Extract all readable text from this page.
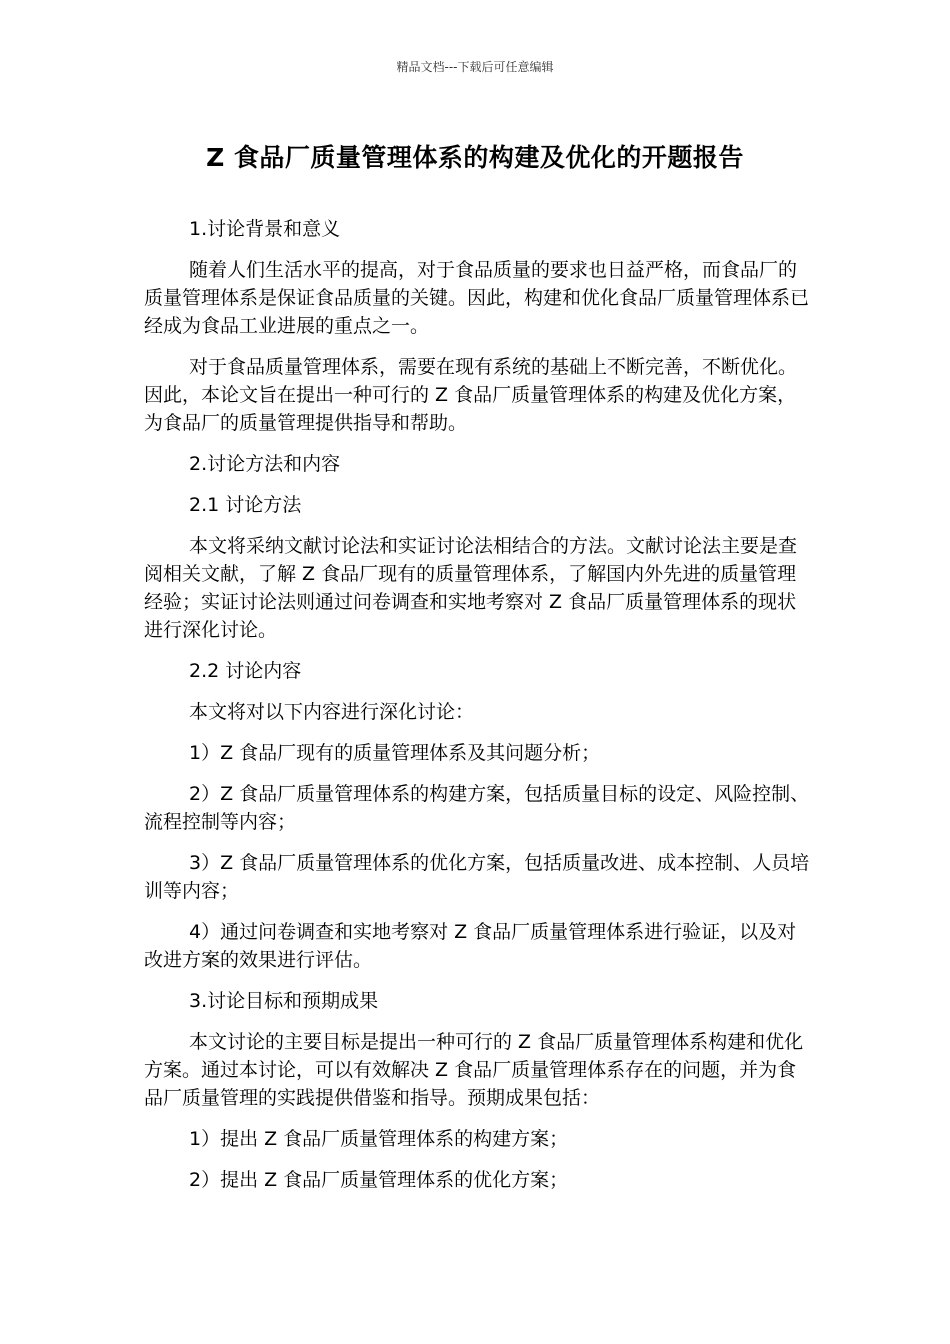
精品文档---下载后可任意编辑
Z 食品厂质量管理体系的构建及优化的开题报告

1.讨论背景和意义

随着人们生活水平的提高，对于食品质量的要求也日益严格，而食品厂的质量管理体系是保证食品质量的关键。因此，构建和优化食品厂质量管理体系已经成为食品工业进展的重点之一。

对于食品质量管理体系，需要在现有系统的基础上不断完善，不断优化。因此，本论文旨在提出一种可行的 Z 食品厂质量管理体系的构建及优化方案，为食品厂的质量管理提供指导和帮助。

2.讨论方法和内容

2.1 讨论方法

本文将采纳文献讨论法和实证讨论法相结合的方法。文献讨论法主要是查阅相关文献，了解 Z 食品厂现有的质量管理体系，了解国内外先进的质量管理经验；实证讨论法则通过问卷调查和实地考察对 Z 食品厂质量管理体系的现状进行深化讨论。

2.2 讨论内容

本文将对以下内容进行深化讨论：

1）Z 食品厂现有的质量管理体系及其问题分析；

2）Z 食品厂质量管理体系的构建方案，包括质量目标的设定、风险控制、流程控制等内容；

3）Z 食品厂质量管理体系的优化方案，包括质量改进、成本控制、人员培训等内容；

4）通过问卷调查和实地考察对 Z 食品厂质量管理体系进行验证，以及对改进方案的效果进行评估。

3.讨论目标和预期成果

本文讨论的主要目标是提出一种可行的 Z 食品厂质量管理体系构建和优化方案。通过本讨论，可以有效解决 Z 食品厂质量管理体系存在的问题，并为食品厂质量管理的实践提供借鉴和指导。预期成果包括：

1）提出 Z 食品厂质量管理体系的构建方案；

2）提出 Z 食品厂质量管理体系的优化方案；
